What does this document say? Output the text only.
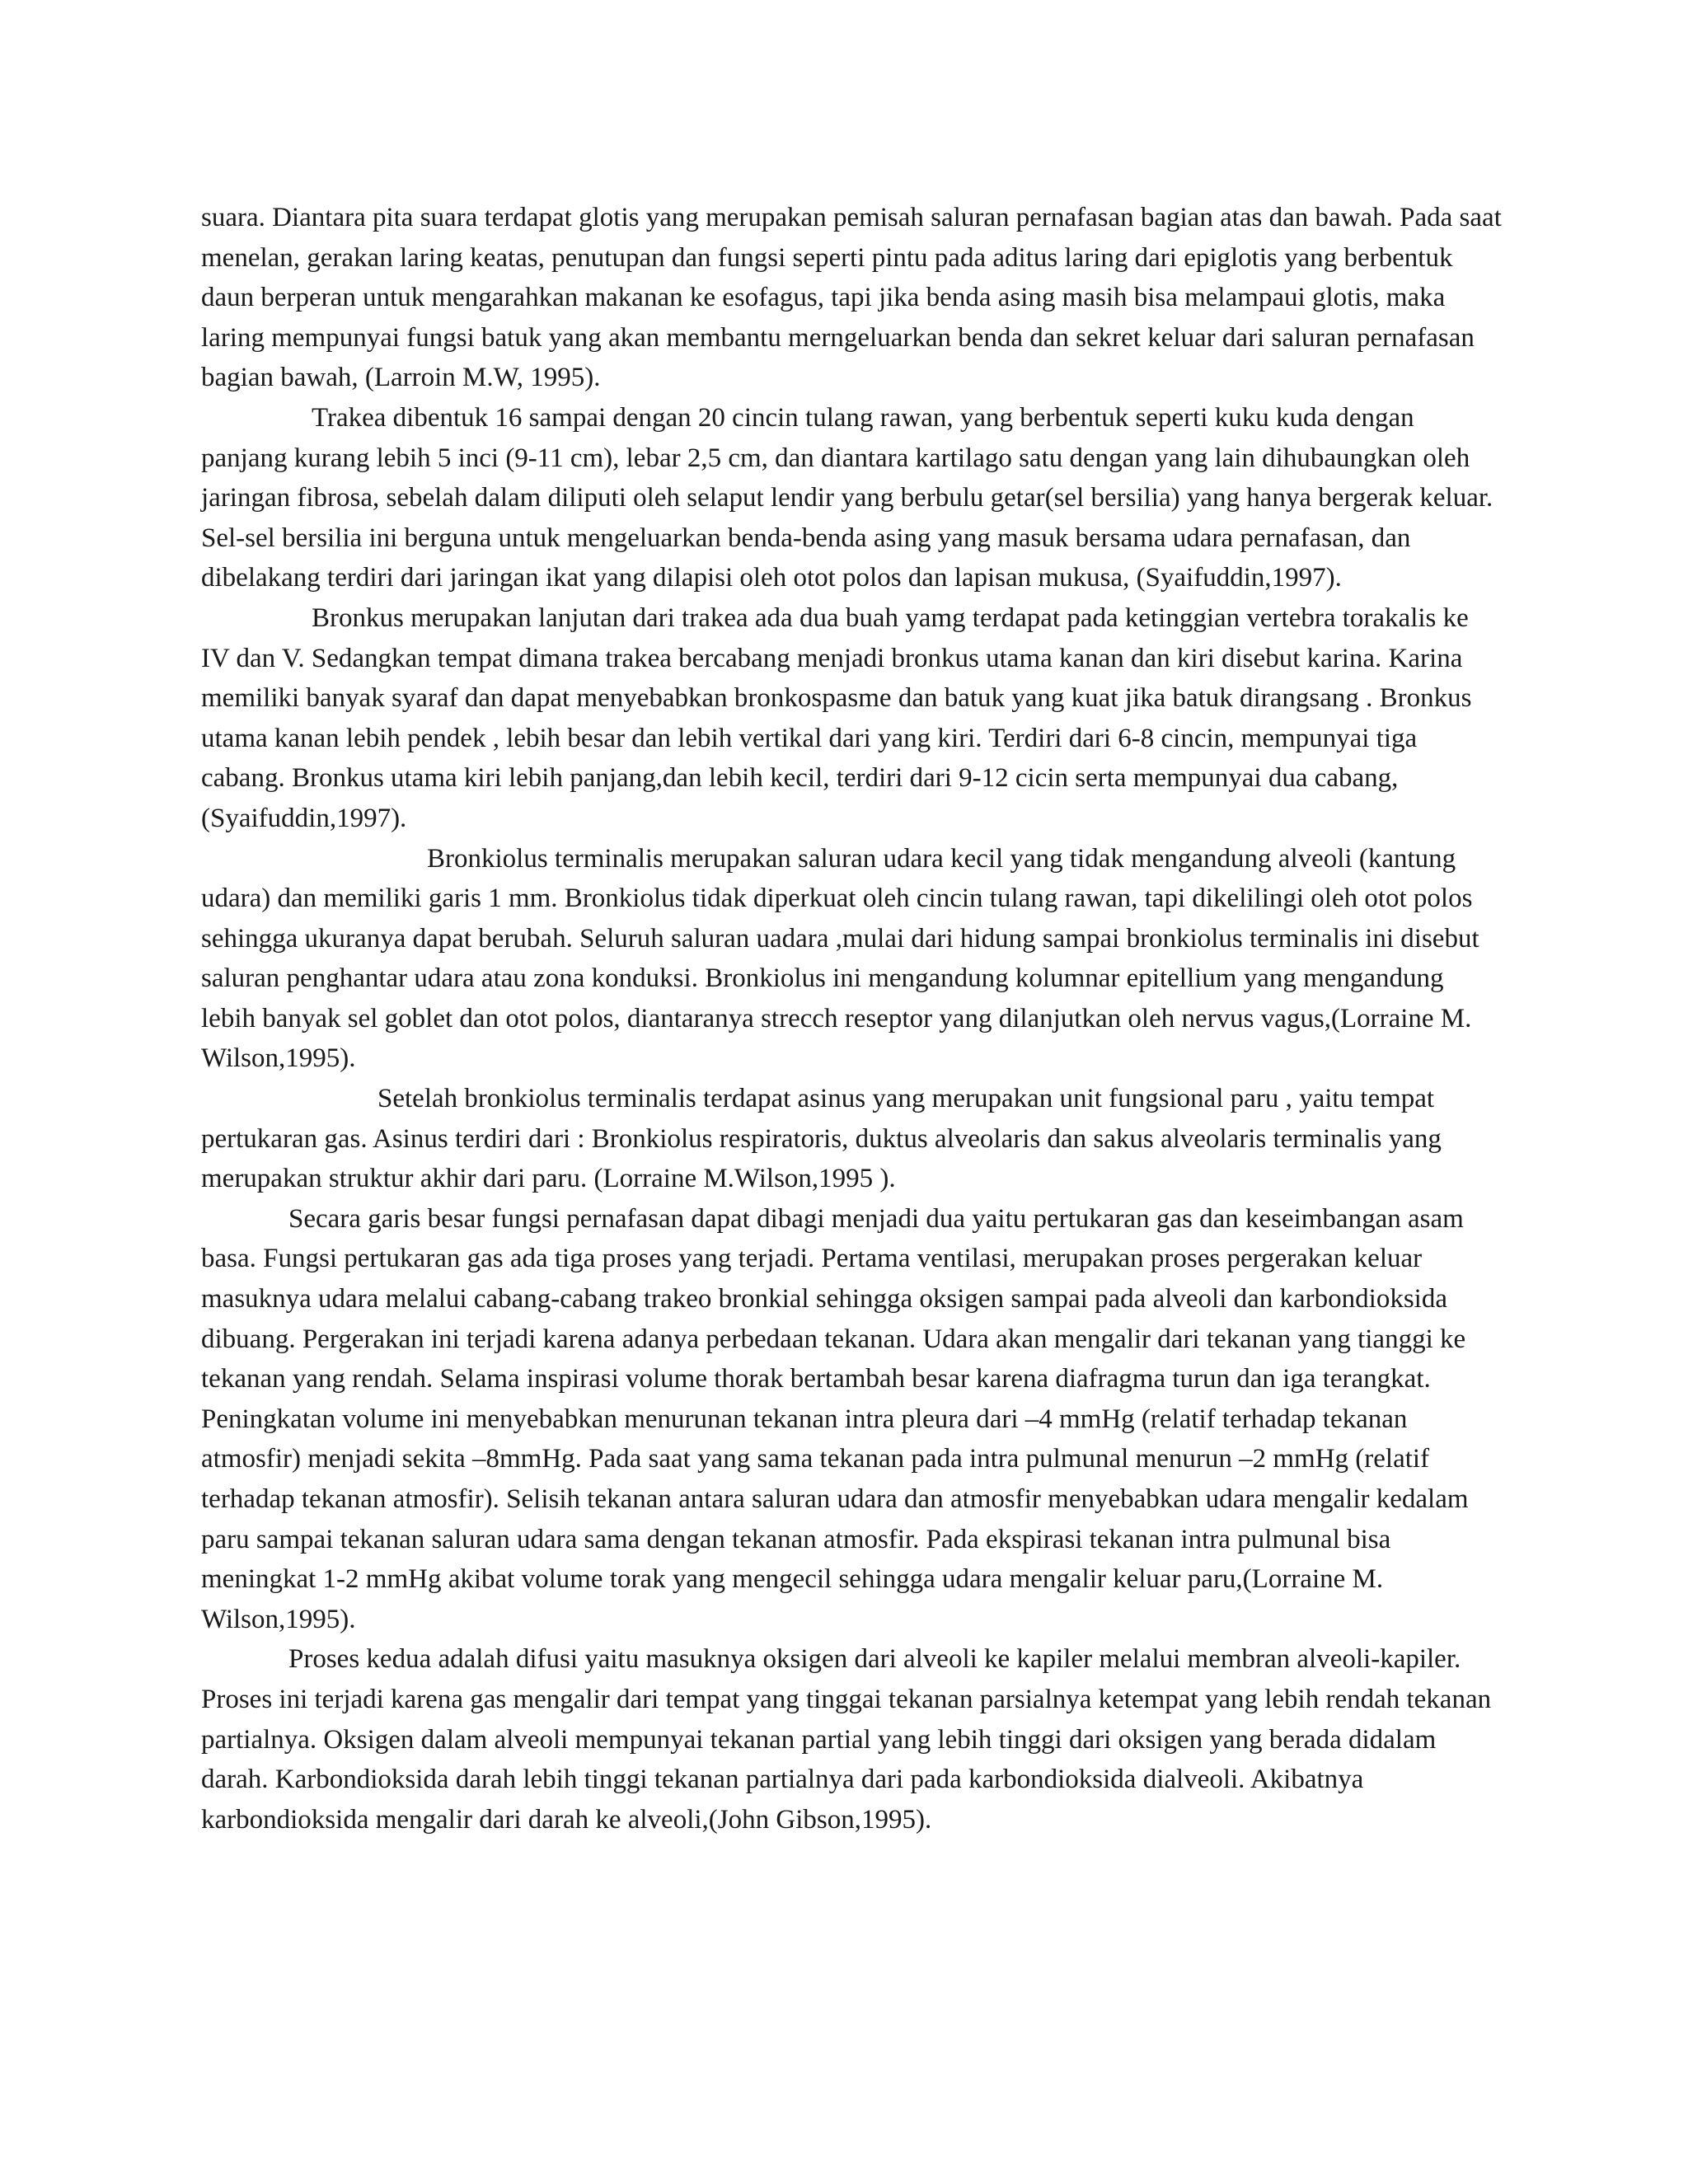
suara. Diantara pita suara terdapat glotis yang merupakan pemisah saluran pernafasan bagian atas dan bawah. Pada saat menelan, gerakan laring keatas, penutupan dan fungsi seperti pintu pada aditus laring dari epiglotis yang berbentuk daun berperan untuk mengarahkan makanan ke esofagus, tapi jika benda asing masih bisa melampaui glotis, maka laring mempunyai fungsi batuk yang akan membantu merngeluarkan benda dan sekret keluar dari saluran pernafasan bagian bawah, (Larroin M.W, 1995).

Trakea dibentuk 16 sampai dengan 20 cincin tulang rawan, yang berbentuk seperti kuku kuda dengan panjang kurang lebih 5 inci (9-11 cm), lebar 2,5 cm, dan diantara kartilago satu dengan yang lain dihubaungkan oleh jaringan fibrosa, sebelah dalam diliputi oleh selaput lendir yang berbulu getar(sel bersilia) yang hanya bergerak keluar. Sel-sel bersilia ini berguna untuk mengeluarkan benda-benda asing yang masuk bersama udara pernafasan, dan dibelakang terdiri dari jaringan ikat yang dilapisi oleh otot polos dan lapisan mukusa, (Syaifuddin,1997).

Bronkus merupakan lanjutan dari trakea ada dua buah yamg terdapat pada ketinggian vertebra torakalis ke IV dan V. Sedangkan tempat dimana trakea bercabang menjadi bronkus utama kanan dan kiri disebut karina. Karina memiliki banyak syaraf dan dapat menyebabkan bronkospasme dan batuk yang kuat jika batuk dirangsang . Bronkus utama kanan lebih pendek , lebih besar dan lebih vertikal dari yang kiri. Terdiri dari 6-8 cincin, mempunyai tiga cabang. Bronkus utama kiri lebih panjang,dan lebih kecil, terdiri dari 9-12 cicin serta mempunyai dua cabang,(Syaifuddin,1997).

Bronkiolus terminalis merupakan saluran udara kecil yang tidak mengandung alveoli (kantung udara) dan memiliki garis 1 mm. Bronkiolus tidak diperkuat oleh cincin tulang rawan, tapi dikelilingi oleh otot polos sehingga ukuranya dapat berubah. Seluruh saluran uadara ,mulai dari hidung sampai bronkiolus terminalis ini disebut saluran penghantar udara atau zona konduksi. Bronkiolus ini mengandung kolumnar epitellium yang mengandung lebih banyak sel goblet dan otot polos, diantaranya strecch reseptor yang dilanjutkan oleh nervus vagus,(Lorraine M. Wilson,1995).

Setelah bronkiolus terminalis terdapat asinus yang merupakan unit fungsional paru , yaitu tempat pertukaran gas. Asinus terdiri dari : Bronkiolus respiratoris, duktus alveolaris dan sakus alveolaris terminalis yang merupakan struktur akhir dari paru. (Lorraine M.Wilson,1995 ).

Secara garis besar fungsi pernafasan dapat dibagi menjadi dua yaitu pertukaran gas dan keseimbangan asam basa. Fungsi pertukaran gas ada tiga proses yang terjadi. Pertama ventilasi, merupakan proses pergerakan keluar masuknya udara melalui cabang-cabang trakeo bronkial sehingga oksigen sampai pada alveoli dan karbondioksida dibuang. Pergerakan ini terjadi karena adanya perbedaan tekanan. Udara akan mengalir dari tekanan yang tianggi ke tekanan yang rendah. Selama inspirasi volume thorak bertambah besar karena diafragma turun dan iga terangkat. Peningkatan volume ini menyebabkan menurunan tekanan intra pleura dari –4 mmHg (relatif terhadap tekanan atmosfir) menjadi sekita –8mmHg. Pada saat yang sama tekanan pada intra pulmunal menurun –2 mmHg (relatif terhadap tekanan atmosfir). Selisih tekanan antara saluran udara dan atmosfir menyebabkan udara mengalir kedalam paru sampai tekanan saluran udara sama dengan tekanan atmosfir. Pada ekspirasi tekanan intra pulmunal bisa meningkat 1-2 mmHg akibat volume torak yang mengecil sehingga udara mengalir keluar paru,(Lorraine M. Wilson,1995).

Proses kedua adalah difusi yaitu masuknya oksigen dari alveoli ke kapiler melalui membran alveoli-kapiler. Proses ini terjadi karena gas mengalir dari tempat yang tinggai tekanan parsialnya ketempat yang lebih rendah tekanan partialnya. Oksigen dalam alveoli mempunyai tekanan partial yang lebih tinggi dari oksigen yang berada didalam darah. Karbondioksida darah lebih tinggi tekanan partialnya dari pada karbondioksida dialveoli. Akibatnya karbondioksida mengalir dari darah ke alveoli,(John Gibson,1995).
